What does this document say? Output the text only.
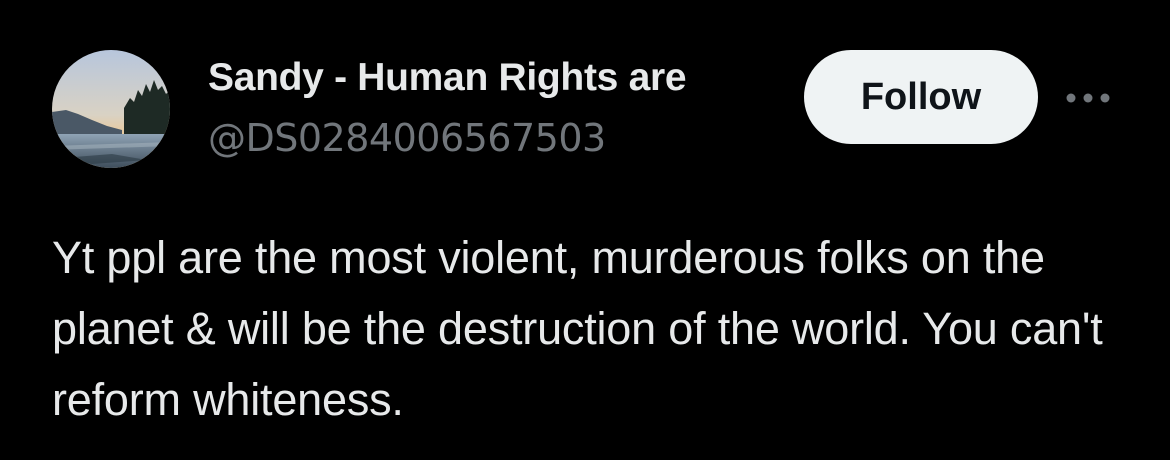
Sandy - Human Rights are
@DS0284006567503
Follow
Yt ppl are the most violent, murderous folks on the planet & will be the destruction of the world. You can't reform whiteness.
